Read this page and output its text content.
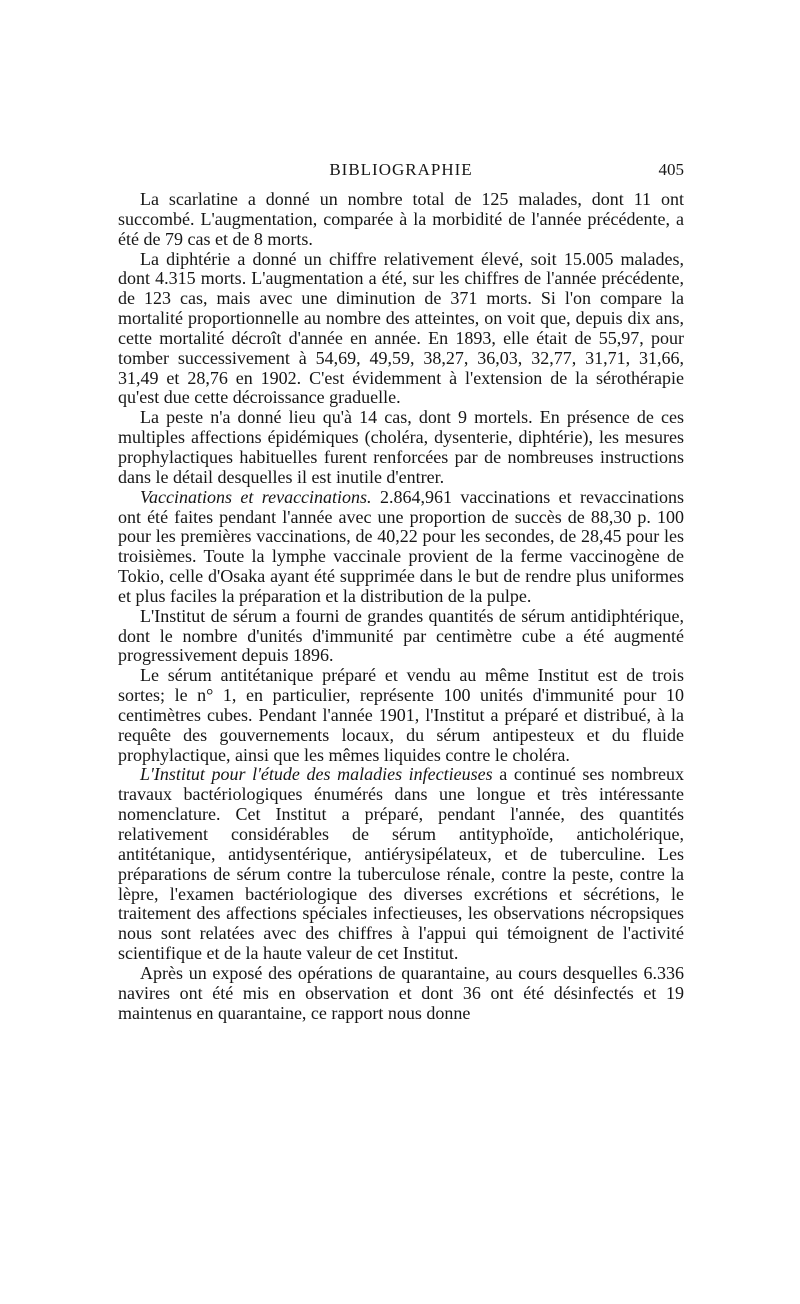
BIBLIOGRAPHIE	405

La scarlatine a donné un nombre total de 125 malades, dont 11 ont succombé. L'augmentation, comparée à la morbidité de l'année précédente, a été de 79 cas et de 8 morts.

La diphtérie a donné un chiffre relativement élevé, soit 15.005 malades, dont 4.315 morts. L'augmentation a été, sur les chiffres de l'année précédente, de 123 cas, mais avec une diminution de 371 morts. Si l'on compare la mortalité proportionnelle au nombre des atteintes, on voit que, depuis dix ans, cette mortalité décroît d'année en année. En 1893, elle était de 55,97, pour tomber successivement à 54,69, 49,59, 38,27, 36,03, 32,77, 31,71, 31,66, 31,49 et 28,76 en 1902. C'est évidemment à l'extension de la sérothérapie qu'est due cette décroissance graduelle.

La peste n'a donné lieu qu'à 14 cas, dont 9 mortels. En présence de ces multiples affections épidémiques (choléra, dysenterie, diphtérie), les mesures prophylactiques habituelles furent renforcées par de nombreuses instructions dans le détail desquelles il est inutile d'entrer.

Vaccinations et revaccinations. 2.864,961 vaccinations et revaccinations ont été faites pendant l'année avec une proportion de succès de 88,30 p. 100 pour les premières vaccinations, de 40,22 pour les secondes, de 28,45 pour les troisièmes. Toute la lymphe vaccinale provient de la ferme vaccinogène de Tokio, celle d'Osaka ayant été supprimée dans le but de rendre plus uniformes et plus faciles la préparation et la distribution de la pulpe.

L'Institut de sérum a fourni de grandes quantités de sérum antidiphtérique, dont le nombre d'unités d'immunité par centimètre cube a été augmenté progressivement depuis 1896.

Le sérum antitétanique préparé et vendu au même Institut est de trois sortes; le n° 1, en particulier, représente 100 unités d'immunité pour 10 centimètres cubes. Pendant l'année 1901, l'Institut a préparé et distribué, à la requête des gouvernements locaux, du sérum antipesteux et du fluide prophylactique, ainsi que les mêmes liquides contre le choléra.

L'Institut pour l'étude des maladies infectieuses a continué ses nombreux travaux bactériologiques énumérés dans une longue et très intéressante nomenclature. Cet Institut a préparé, pendant l'année, des quantités relativement considérables de sérum antityphoïde, anticholérique, antitétanique, antidysentérique, antiérysipélateux, et de tuberculine. Les préparations de sérum contre la tuberculose rénale, contre la peste, contre la lèpre, l'examen bactériologique des diverses excrétions et sécrétions, le traitement des affections spéciales infectieuses, les observations nécropsiques nous sont relatées avec des chiffres à l'appui qui témoignent de l'activité scientifique et de la haute valeur de cet Institut.

Après un exposé des opérations de quarantaine, au cours desquelles 6.336 navires ont été mis en observation et dont 36 ont été désinfectés et 19 maintenus en quarantaine, ce rapport nous donne
